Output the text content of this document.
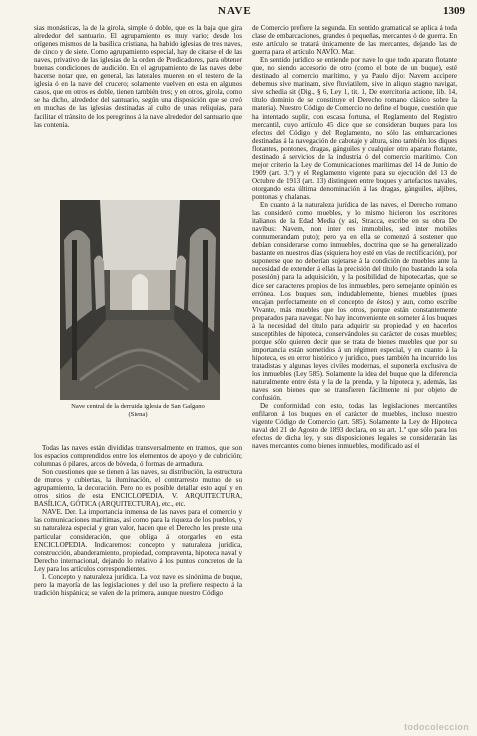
NAVE	1309

sias monásticas, la de la girola, simple ó doble, que es la baja que gira alrededor del santuario. El agrupamiento es muy vario; desde los orígenes mismos de la basílica cristiana, ha habido iglesias de tres naves, de cinco y de siete. Como agrupamiento especial, hay de citarse el de las naves, privativo de las iglesias de la orden de Predicadores, para obtener buenas condiciones de audición. En el agrupamiento de las naves debe hacerse notar que, en general, las laterales mueren en el testero de la iglesia ó en la nave del crucero; solamente vuelven en esta en algunos casos, que en otros es doble, tienen también tres; y en otros, girola, como se ha dicho, alrededor del santuario, según una disposición que se creó en muchas de las iglesias destinadas al culto de unas reliquias, para facilitar el tránsito de los peregrinos á la nave alrededor del santuario que las contenía.

Nave central de la derruida iglesia de San Galgano
(Siena)

Todas las naves están divididas transversalmente en tramos, que son los espacios comprendidos entre los elementos de apoyo y de cubrición; columnas ó pilares, arcos de bóveda, ó formas de armadura.

Son cuestiones que se tienen á las naves, su distribución, la estructura de muros y cubiertas, la iluminación, el contrarresto mutuo de su agrupamiento, la decoración. Pero no es posible detallar esto aquí y en otros sitios de esta ENCICLOPEDIA. V. ARQUITECTURA, BASÍLICA, GÓTICA (ARQUITECTURA), etc., etc.

NAVE. Der. La importancia inmensa de las naves para el comercio y las comunicaciones marítimas, así como para la riqueza de los pueblos, y su naturaleza especial y gran valor, hacen que el Derecho les preste una particular consideración, que obliga á otorgarles en esta ENCICLOPEDIA. Indicaremos: concepto y naturaleza jurídica, construcción, abanderamiento, propiedad, compraventa, hipoteca naval y Derecho internacional, dejando lo relativo á los puntos concretos de la Ley para los artículos correspondientes.

I. Concepto y naturaleza jurídica. La voz nave es sinónima de buque, pero la mayoría de las legislaciones y del uso la prefiere respecto á la tradición hispánica; se valen de la primera, aunque nuestro Código

de Comercio prefiere la segunda. En sentido gramatical se aplica á toda clase de embarcaciones, grandes ó pequeñas, mercantes ó de guerra. En este artículo se tratará únicamente de las mercantes, dejando las de guerra para el artículo NAVÍO. Mar.

En sentido jurídico se entiende por nave lo que todo aparato flotante que, no siendo accesorio de otro (como el bote de un buque), esté destinado al comercio marítimo, y ya Paulo dijo: Navem accipere debemus sive marinam, sive fluviatilem, sive in aliquo stagno navigat, sive schedia sit (Dig., § 6, Ley 1, tit. 1, De exercitoria actione, lib. 14, título dominio de se constituye el Derecho romano clásico sobre la materia). Nuestro Código de Comercio no define el buque, cuestión que ha intentado suplir, con escasa fortuna, el Reglamento del Registro mercantil, cuyo artículo 45 dice que se consideran buques para los efectos del Código y del Reglamento, no sólo las embarcaciones destinadas á la navegación de cabotaje y altura, sino también los diques flotantes, pontones, dragas, gánguiles y cualquier otro aparato flotante, destinado á servicios de la industria ó del comercio marítimo. Con mejor criterio la Ley de Comunicaciones marítimas del 14 de Junio de 1909 (art. 3.º) y el Reglamento vigente para su ejecución del 13 de Octubre de 1913 (art. 13) distinguen entre buques y artefactos navales, otorgando esta última denominación á las dragas, gánguiles, aljibes, pontonas y chalanas.

En cuanto á la naturaleza jurídica de las naves, el Derecho romano las consideró como muebles, y lo mismo hicieron los escritores italianos de la Edad Media (y así, Stracca, escribe en su obra De navibus: Navem, non inter res immobiles, sed inter mobiles connumerandam puto); pero ya en ella se comenzó á sostener que debían considerarse como inmuebles, doctrina que se ha generalizado bastante en nuestros días (siquiera hoy esté en vías de rectificación), por suponerse que no deberían sujetarse á la condición de muebles ante la necesidad de extender á ellas la precisión del título (no bastando la sola posesión) para la adquisición, y la posibilidad de hipotecarlas, que se dice ser caracteres propios de los inmuebles, pero semejante opinión es errónea. Los buques son, indudablemente, bienes muebles (pues encajan perfectamente en el concepto de éstos) y aun, como escribe Vivante, más muebles que los otros, porque están constantemente preparados para navegar. No hay inconveniente en someter á los buques á la necesidad del título para adquirir su propiedad y en hacerlos susceptibles de hipoteca, conservándoles su carácter de cosas muebles; porque sólo quieren decir que se trata de bienes muebles que por su importancia están sometidos á un régimen especial, y en cuanto á la hipoteca, es en error histórico y jurídico, pues también ha incurrido los tratadistas y algunas leyes civiles modernas, el suponerla exclusiva de los inmuebles (Ley 585). Solamente la idea del buque que la diferencia naturalmente entre ésta y la de la prenda, y la hipoteca y, además, las naves son bienes que se transfieren fácilmente ni por objeto de confusión.

De conformidad con esto, todas las legislaciones mercantiles enfilaron á los buques en el carácter de muebles, incluso nuestro vigente Código de Comercio (art. 585). Solamente la Ley de Hipoteca naval del 21 de Agosto de 1893 declara, en su art. 1.º que sólo para los efectos de dicha ley, y sus disposiciones legales se considerarán las naves mercantes como bienes inmuebles, modificado así el

todocoleccion
